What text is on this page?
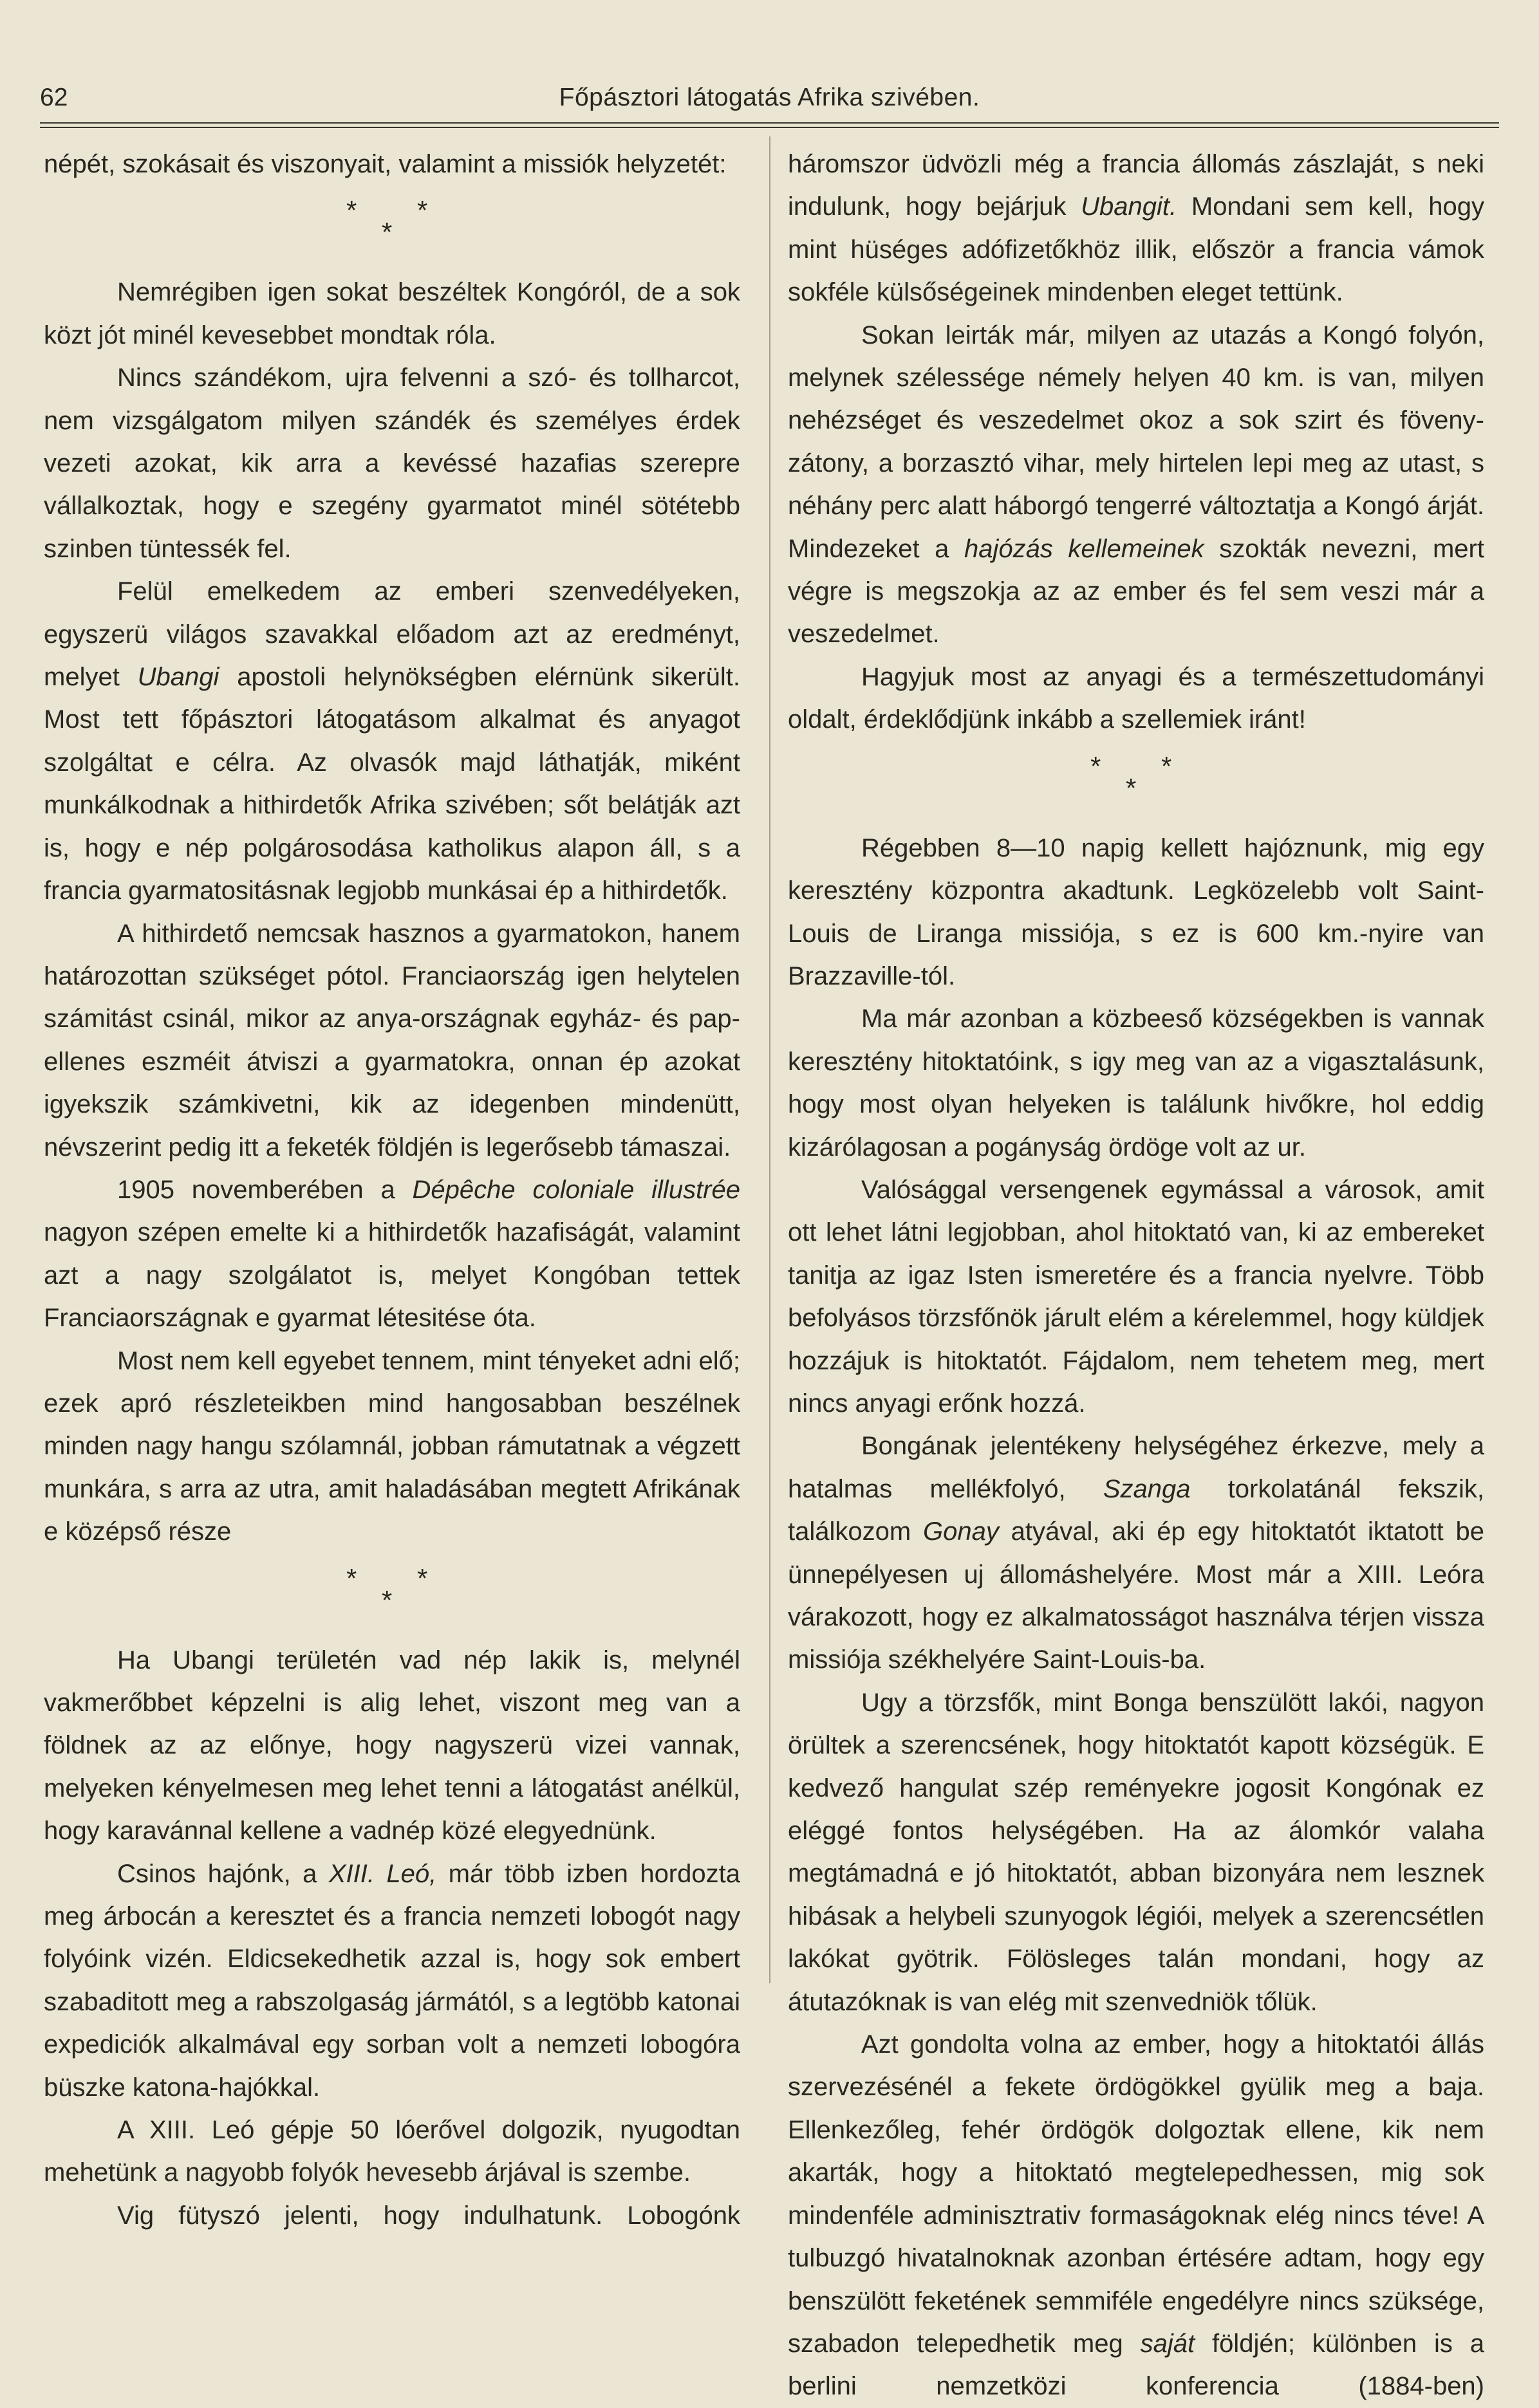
62	Főpásztori látogatás Afrika szivében.

népét, szokásait és viszonyait, valamint a missiók helyzetét:

* *
*

Nemrégiben igen sokat beszéltek Kongóról, de a sok közt jót minél kevesebbet mondtak róla.

Nincs szándékom, ujra felvenni a szó- és tollharcot, nem vizsgálgatom milyen szándék és személyes érdek vezeti azokat, kik arra a kevéssé hazafias szerepre vállalkoztak, hogy e szegény gyarmatot minél sötétebb szinben tüntessék fel.

Felül emelkedem az emberi szenvedélyeken, egyszerü világos szavakkal előadom azt az eredményt, melyet Ubangi apostoli helynökségben elérnünk sikerült. Most tett főpásztori látogatásom alkalmat és anyagot szolgáltat e célra. Az olvasók majd láthatják, miként munkálkodnak a hithirdetők Afrika szivében; sőt belátják azt is, hogy e nép polgárosodása katholikus alapon áll, s a francia gyarmatositásnak legjobb munkásai ép a hithirdetők.

A hithirdető nemcsak hasznos a gyarmatokon, hanem határozottan szükséget pótol. Franciaország igen helytelen számitást csinál, mikor az anya-országnak egyház- és pap-ellenes eszméit átviszi a gyarmatokra, onnan ép azokat igyekszik számkivetni, kik az idegenben mindenütt, névszerint pedig itt a feketék földjén is legerősebb támaszai.

1905 novemberében a Dépêche coloniale illustrée nagyon szépen emelte ki a hithirdetők hazafiságát, valamint azt a nagy szolgálatot is, melyet Kongóban tettek Franciaországnak e gyarmat létesitése óta.

Most nem kell egyebet tennem, mint tényeket adni elő; ezek apró részleteikben mind hangosabban beszélnek minden nagy hangu szólamnál, jobban rámutatnak a végzett munkára, s arra az utra, amit haladásában megtett Afrikának e középső része

* *
*

Ha Ubangi területén vad nép lakik is, melynél vakmerőbbet képzelni is alig lehet, viszont meg van a földnek az az előnye, hogy nagyszerü vizei vannak, melyeken kényelmesen meg lehet tenni a látogatást anélkül, hogy karavánnal kellene a vadnép közé elegyednünk.

Csinos hajónk, a XIII. Leó, már több izben hordozta meg árbocán a keresztet és a francia nemzeti lobogót nagy folyóink vizén. Eldicsekedhetik azzal is, hogy sok embert szabaditott meg a rabszolgaság jármától, s a legtöbb katonai expediciók alkalmával egy sorban volt a nemzeti lobogóra büszke katona-hajókkal.

A XIII. Leó gépje 50 lóerővel dolgozik, nyugodtan mehetünk a nagyobb folyók hevesebb árjával is szembe.

Vig fütyszó jelenti, hogy indulhatunk. Lobogónk

háromszor üdvözli még a francia állomás zászlaját, s neki indulunk, hogy bejárjuk Ubangit. Mondani sem kell, hogy mint hüséges adófizetőkhöz illik, először a francia vámok sokféle külsőségeinek mindenben eleget tettünk.

Sokan leirták már, milyen az utazás a Kongó folyón, melynek szélessége némely helyen 40 km. is van, milyen nehézséget és veszedelmet okoz a sok szirt és föveny-zátony, a borzasztó vihar, mely hirtelen lepi meg az utast, s néhány perc alatt háborgó tengerré változtatja a Kongó árját. Mindezeket a hajózás kellemeinek szokták nevezni, mert végre is megszokja az az ember és fel sem veszi már a veszedelmet.

Hagyjuk most az anyagi és a természettudományi oldalt, érdeklődjünk inkább a szellemiek iránt!

* *
*

Régebben 8—10 napig kellett hajóznunk, mig egy keresztény központra akadtunk. Legközelebb volt Saint-Louis de Liranga missiója, s ez is 600 km.-nyire van Brazzaville-tól.

Ma már azonban a közbeeső községekben is vannak keresztény hitoktatóink, s igy meg van az a vigasztalásunk, hogy most olyan helyeken is találunk hivőkre, hol eddig kizárólagosan a pogányság ördöge volt az ur.

Valósággal versengenek egymással a városok, amit ott lehet látni legjobban, ahol hitoktató van, ki az embereket tanitja az igaz Isten ismeretére és a francia nyelvre. Több befolyásos törzsfőnök járult elém a kérelemmel, hogy küldjek hozzájuk is hitoktatót. Fájdalom, nem tehetem meg, mert nincs anyagi erőnk hozzá.

Bongának jelentékeny helységéhez érkezve, mely a hatalmas mellékfolyó, Szanga torkolatánál fekszik, találkozom Gonay atyával, aki ép egy hitoktatót iktatott be ünnepélyesen uj állomáshelyére. Most már a XIII. Leóra várakozott, hogy ez alkalmatosságot használva térjen vissza missiója székhelyére Saint-Louis-ba.

Ugy a törzsfők, mint Bonga benszülött lakói, nagyon örültek a szerencsének, hogy hitoktatót kapott községük. E kedvező hangulat szép reményekre jogosit Kongónak ez eléggé fontos helységében. Ha az álomkór valaha megtámadná e jó hitoktatót, abban bizonyára nem lesznek hibásak a helybeli szunyogok légiói, melyek a szerencsétlen lakókat gyötrik. Fölösleges talán mondani, hogy az átutazóknak is van elég mit szenvedniök tőlük.

Azt gondolta volna az ember, hogy a hitoktatói állás szervezésénél a fekete ördögökkel gyülik meg a baja. Ellenkezőleg, fehér ördögök dolgoztak ellene, kik nem akarták, hogy a hitoktató megtelepedhessen, mig sok mindenféle adminisztrativ formaságoknak elég nincs téve! A tulbuzgó hivatalnoknak azonban értésére adtam, hogy egy benszülött feketének semmiféle engedélyre nincs szüksége, szabadon telepedhetik meg saját földjén; különben is a berlini nemzetközi konferencia (1884-ben)
